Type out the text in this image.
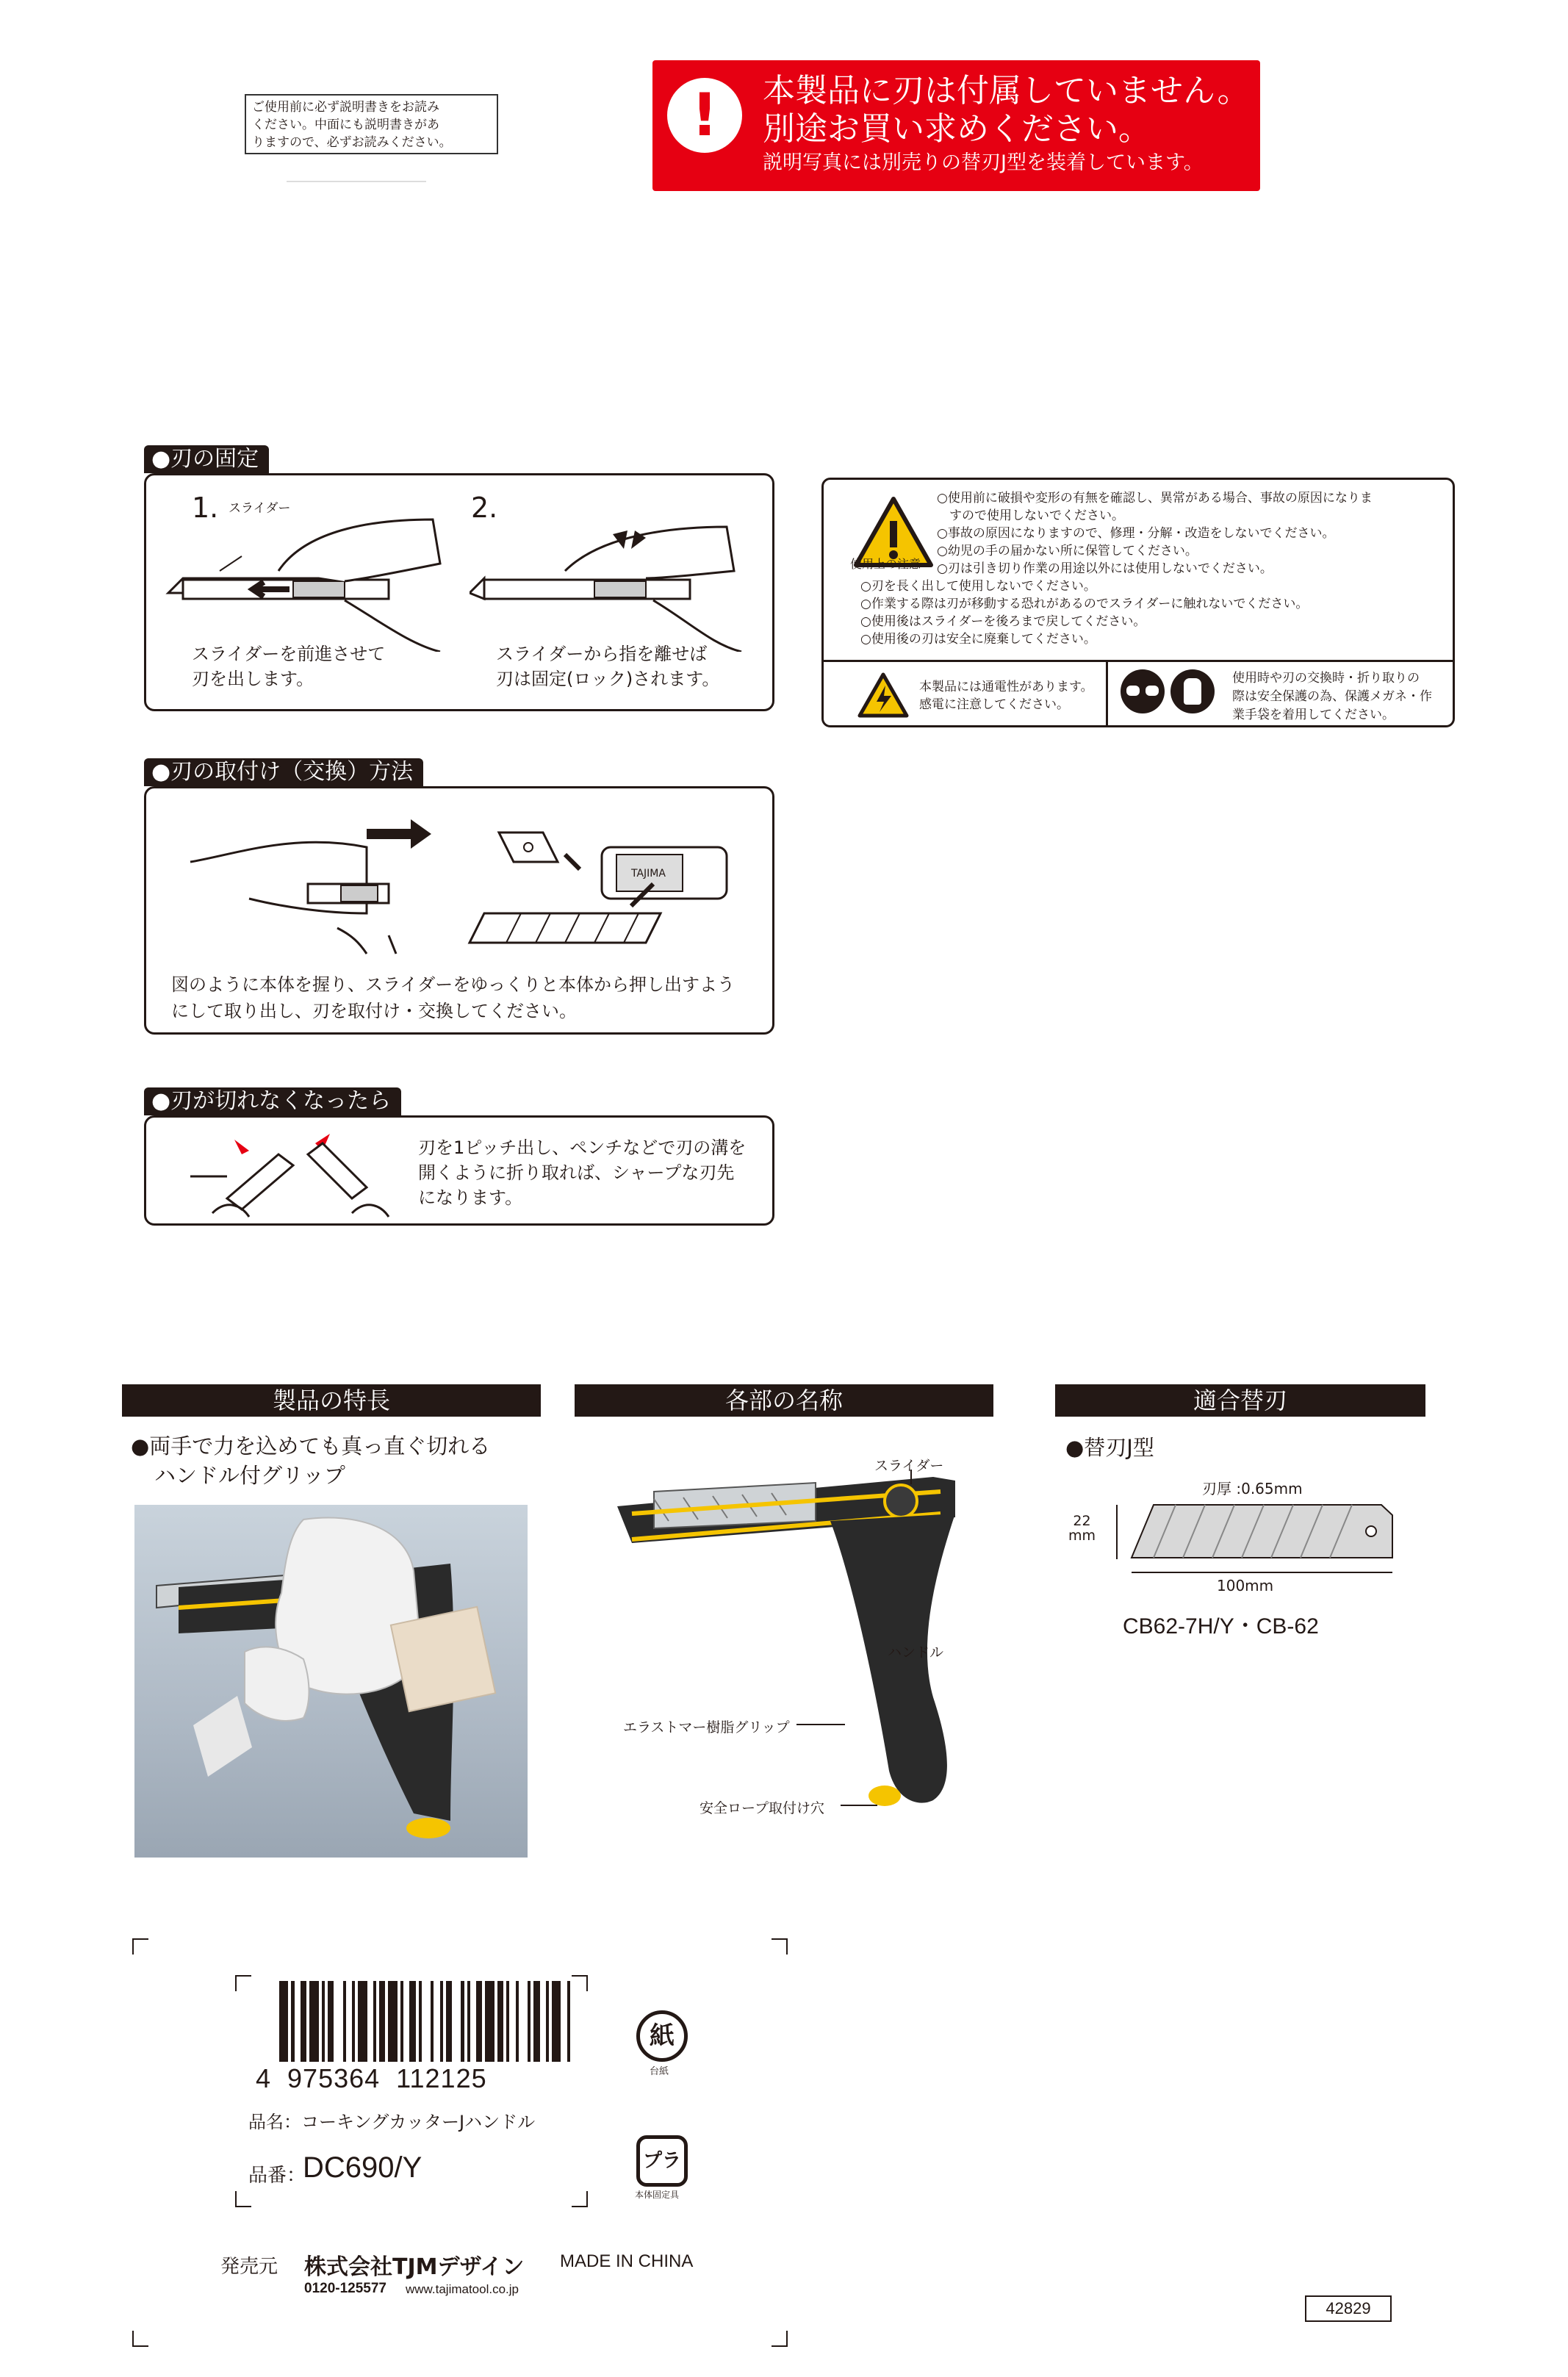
ご使用前に必ず説明書きをお読み
ください。中面にも説明書きがあ
りますので、必ずお読みください。	!	本製品に刃は付属していません。
別途お買い求めください。
説明写真には別売りの替刃J型を装着しています。
●刃の固定
1. スライダー
スライダーを前進させて
刃を出します。
2.
スライダーから指を離せば
刃は固定(ロック)されます。
使用上の注意
○使用前に破損や変形の有無を確認し、異常がある場合、事故の原因になりま
　すので使用しないでください。
○事故の原因になりますので、修理・分解・改造をしないでください。
○幼児の手の届かない所に保管してください。
○刃は引き切り作業の用途以外には使用しないでください。
○刃を長く出して使用しないでください。
○作業する際は刃が移動する恐れがあるのでスライダーに触れないでください。
○使用後はスライダーを後ろまで戻してください。
○使用後の刃は安全に廃棄してください。
本製品には通電性があります。
感電に注意してください。
使用時や刃の交換時・折り取りの
際は安全保護の為、保護メガネ・作
業手袋を着用してください。
●刃の取付け（交換）方法
TAJIMA
図のように本体を握り、スライダーをゆっくりと本体から押し出すよう
にして取り出し、刃を取付け・交換してください。
●刃が切れなくなったら
刃を1ピッチ出し、ペンチなどで刃の溝を
開くように折り取れば、シャープな刃先
になります。
製品の特長	各部の名称	適合替刃
●両手で力を込めても真っ直ぐ切れる
ハンドル付グリップ	スライダー
ハンドル
エラストマー樹脂グリップ
安全ロープ取付け穴
●替刃J型
刃厚 :0.65mm
22
mm
100mm
CB62-7H/Y・CB-62
4  975364  112125
品名：コーキングカッターJハンドル
品番：
DC690/Y
紙
台紙
プラ
本体固定具
発売元 株式会社TJMデザイン MADE IN CHINA
0120-125577 www.tajimatool.co.jp
42829
